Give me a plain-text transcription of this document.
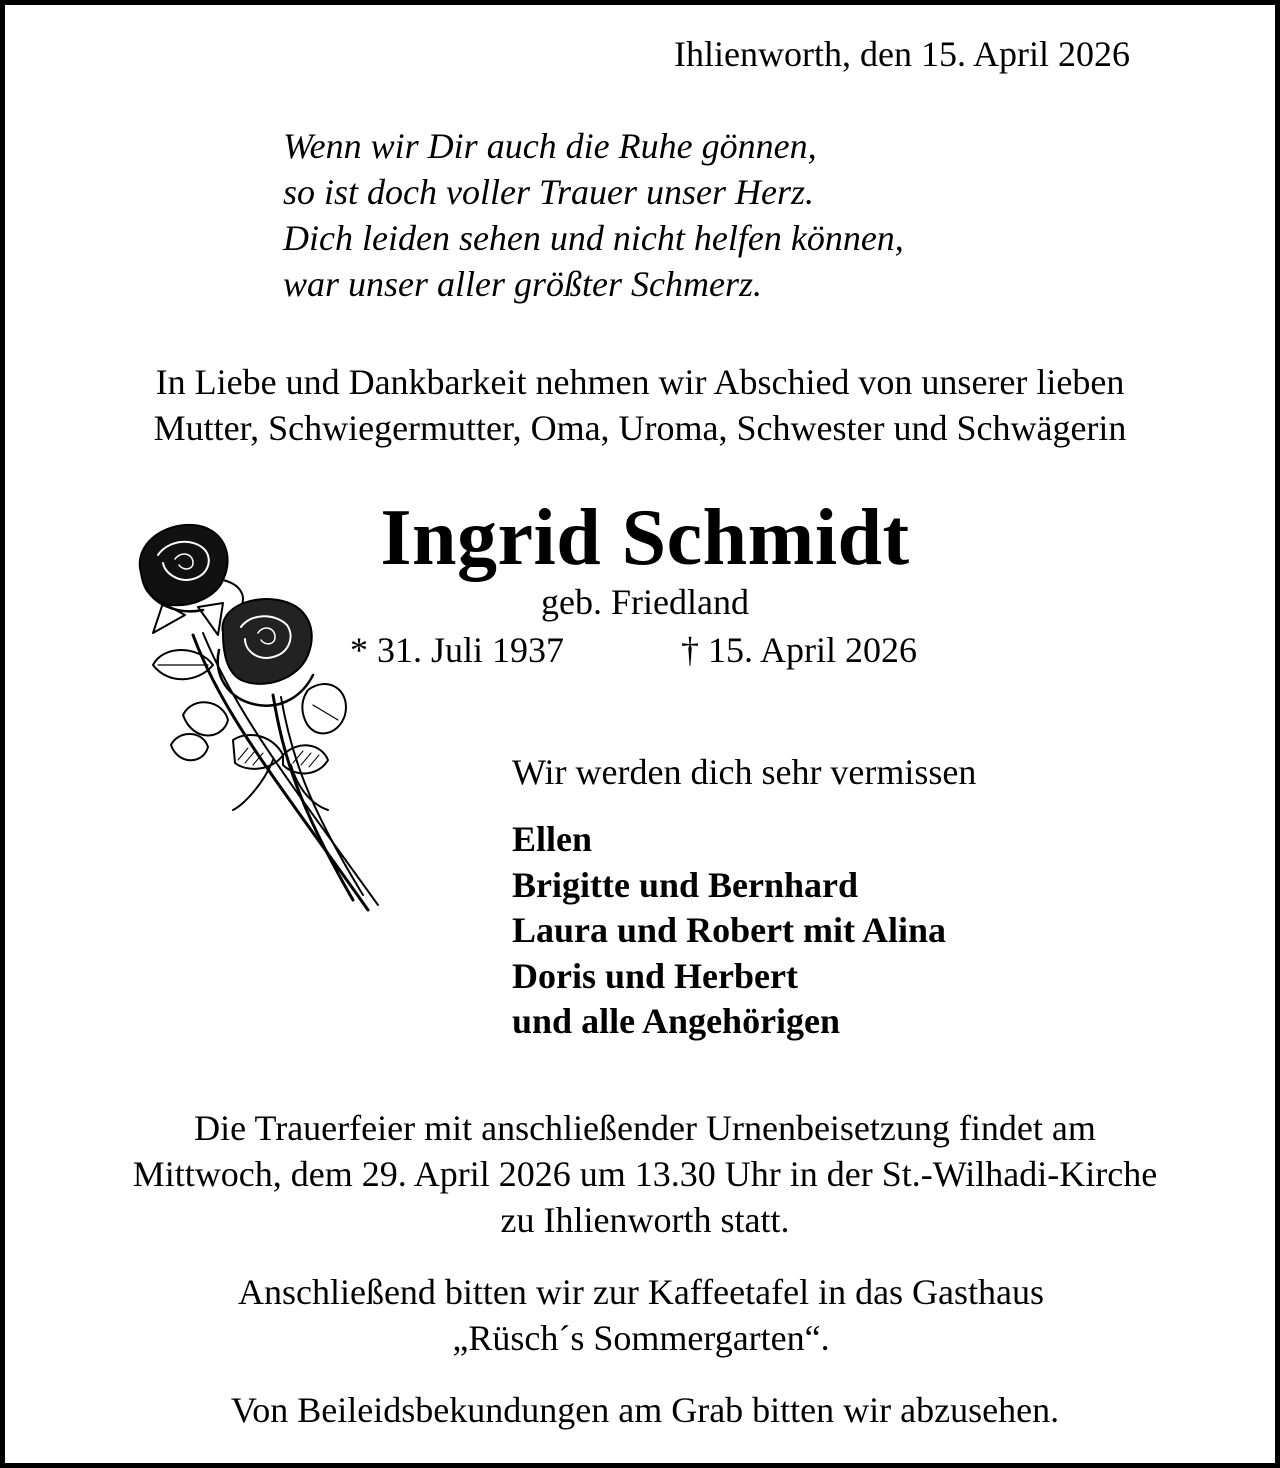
Ihlienworth, den 15. April 2026
Wenn wir Dir auch die Ruhe gönnen,
so ist doch voller Trauer unser Herz.
Dich leiden sehen und nicht helfen können,
war unser aller größter Schmerz.
In Liebe und Dankbarkeit nehmen wir Abschied von unserer lieben
Mutter, Schwiegermutter, Oma, Uroma, Schwester und Schwägerin
Ingrid Schmidt
geb. Friedland
* 31. Juli 1937	† 15. April 2026
Wir werden dich sehr vermissen
Ellen
Brigitte und Bernhard
Laura und Robert mit Alina
Doris und Herbert
und alle Angehörigen
Die Trauerfeier mit anschließender Urnenbeisetzung findet am
Mittwoch, dem 29. April 2026 um 13.30 Uhr in der St.-Wilhadi-Kirche
zu Ihlienworth statt.
Anschließend bitten wir zur Kaffeetafel in das Gasthaus
„Rüsch´s Sommergarten“.
Von Beileidsbekundungen am Grab bitten wir abzusehen.
